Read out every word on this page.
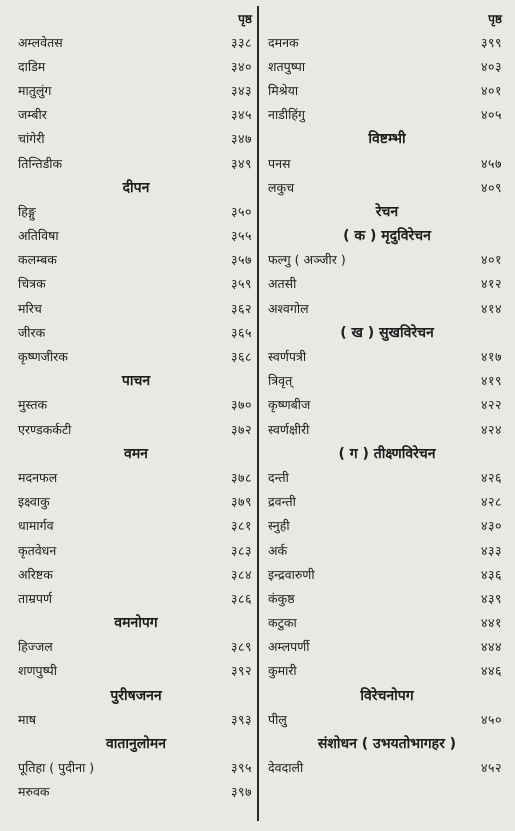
पृष्ठ
अम्लवेतस	३३८
दाडिम	३४०
मातुलुंग	३४३
जम्बीर	३४५
चांगेरी	३४७
तिन्तिडीक	३४९
दीपन
हिङ्गु	३५०
अतिविषा	३५५
कलम्बक	३५७
चित्रक	३५९
मरिच	३६२
जीरक	३६५
कृष्णजीरक	३६८
पाचन
मुस्तक	३७०
एरण्डकर्कटी	३७२
वमन
मदनफल	३७८
इक्ष्वाकु	३७९
धामार्गव	३८१
कृतवेधन	३८३
अरिष्टक	३८४
ताम्रपर्ण	३८६
वमनोपग
हिज्जल	३८९
शणपुष्पी	३९२
पुरीषजनन
माष	३९३
वातानुलोमन
पूतिहा ( पुदीना )	३९५
मरुवक	३९७
पृष्ठ
दमनक	३९९
शतपुष्पा	४०३
मिश्रेया	४०१
नाडीहिंगु	४०५
विष्टम्भी
पनस	४५७
लकुच	४०९
रेचन
( क ) मृदुविरेचन
फल्गु ( अञ्जीर )	४०१
अतसी	४१२
अश्वगोल	४१४
( ख ) सुखविरेचन
स्वर्णपत्री	४१७
त्रिवृत्	४१९
कृष्णबीज	४२२
स्वर्णक्षीरी	४२४
( ग ) तीक्ष्णविरेचन
दन्ती	४२६
द्रवन्ती	४२८
स्नुही	४३०
अर्क	४३३
इन्द्रवारुणी	४३६
कंकुष्ठ	४३९
कटुका	४४१
अम्लपर्णी	४४४
कुमारी	४४६
विरेचनोपग
पीलु	४५०
संशोधन ( उभयतोभागहर )
देवदाली	४५२
